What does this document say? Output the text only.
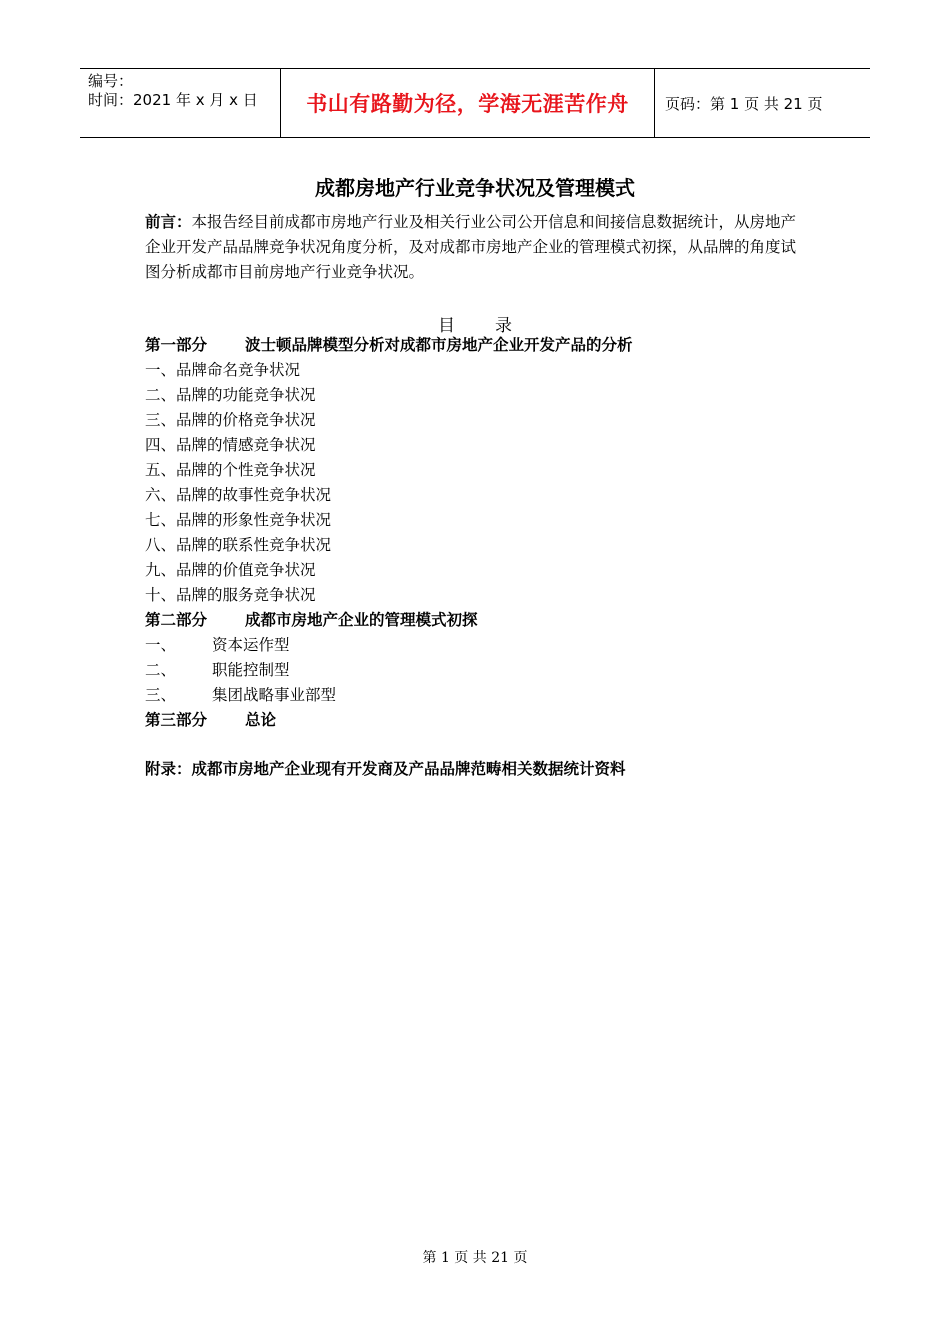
编号：
时间：2021 年 x 月 x 日	书山有路勤为径，学海无涯苦作舟	页码：第 1 页 共 21 页
成都房地产行业竞争状况及管理模式
前言：本报告经目前成都市房地产行业及相关行业公司公开信息和间接信息数据统计，从房地产企业开发产品品牌竞争状况角度分析，及对成都市房地产企业的管理模式初探，从品牌的角度试图分析成都市目前房地产行业竞争状况。
目录
第一部分 波士顿品牌模型分析对成都市房地产企业开发产品的分析
一、品牌命名竞争状况
二、品牌的功能竞争状况
三、品牌的价格竞争状况
四、品牌的情感竞争状况
五、品牌的个性竞争状况
六、品牌的故事性竞争状况
七、品牌的形象性竞争状况
八、品牌的联系性竞争状况
九、品牌的价值竞争状况
十、品牌的服务竞争状况
第二部分 成都市房地产企业的管理模式初探
一、 资本运作型
二、 职能控制型
三、 集团战略事业部型
第三部分 总论
附录：成都市房地产企业现有开发商及产品品牌范畴相关数据统计资料
第 1 页 共 21 页
